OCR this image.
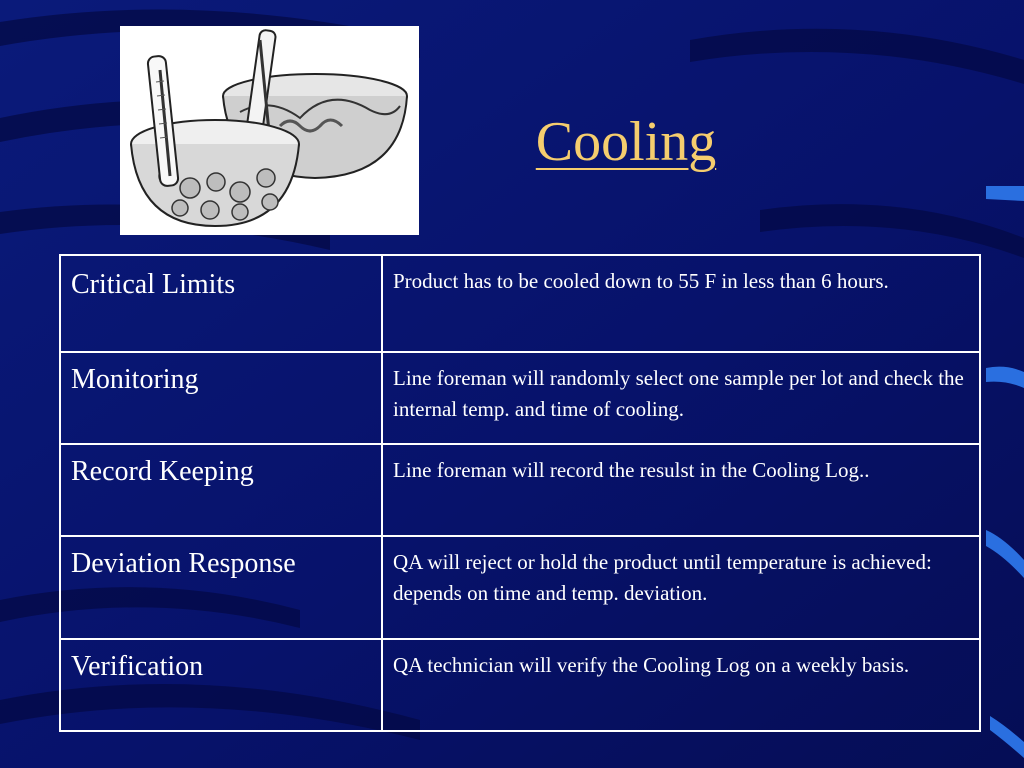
Cooling
Critical Limits	Product has to be cooled down to 55 F in less than 6 hours.
Monitoring	Line foreman will randomly select one sample per lot and check the internal temp. and time of cooling.
Record Keeping	Line foreman will record the resulst in the Cooling Log..
Deviation Response	QA will reject or hold the product until temperature is achieved: depends on time and temp. deviation.
Verification	QA technician will verify the Cooling Log on a weekly basis.
